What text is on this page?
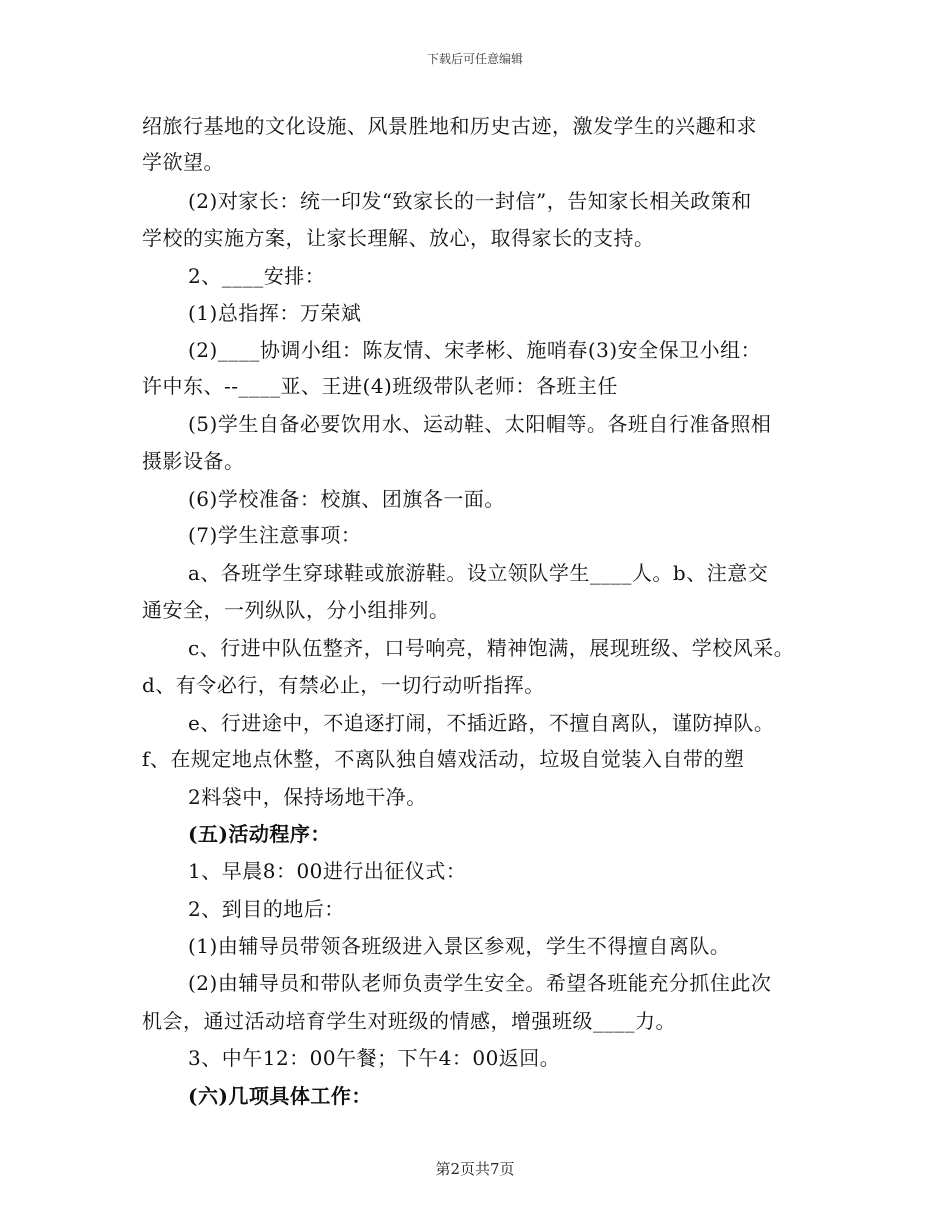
下载后可任意编辑
绍旅行基地的文化设施、风景胜地和历史古迹，激发学生的兴趣和求
学欲望。
(2)对家长：统一印发“致家长的一封信”，告知家长相关政策和
学校的实施方案，让家长理解、放心，取得家长的支持。
2、____安排：
(1)总指挥：万荣斌
(2)____协调小组：陈友情、宋孝彬、施哨春(3)安全保卫小组：
许中东、--____亚、王进(4)班级带队老师：各班主任
(5)学生自备必要饮用水、运动鞋、太阳帽等。各班自行准备照相
摄影设备。
(6)学校准备：校旗、团旗各一面。
(7)学生注意事项：
a、各班学生穿球鞋或旅游鞋。设立领队学生____人。b、注意交
通安全，一列纵队，分小组排列。
c、行进中队伍整齐，口号响亮，精神饱满，展现班级、学校风采。
d、有令必行，有禁必止，一切行动听指挥。
e、行进途中，不追逐打闹，不插近路，不擅自离队，谨防掉队。
f、在规定地点休整，不离队独自嬉戏活动，垃圾自觉装入自带的塑
2料袋中，保持场地干净。
(五)活动程序：
1、早晨8：00进行出征仪式：
2、到目的地后：
(1)由辅导员带领各班级进入景区参观，学生不得擅自离队。
(2)由辅导员和带队老师负责学生安全。希望各班能充分抓住此次
机会，通过活动培育学生对班级的情感，增强班级____力。
3、中午12：00午餐；下午4：00返回。
(六)几项具体工作：
第2页共7页
